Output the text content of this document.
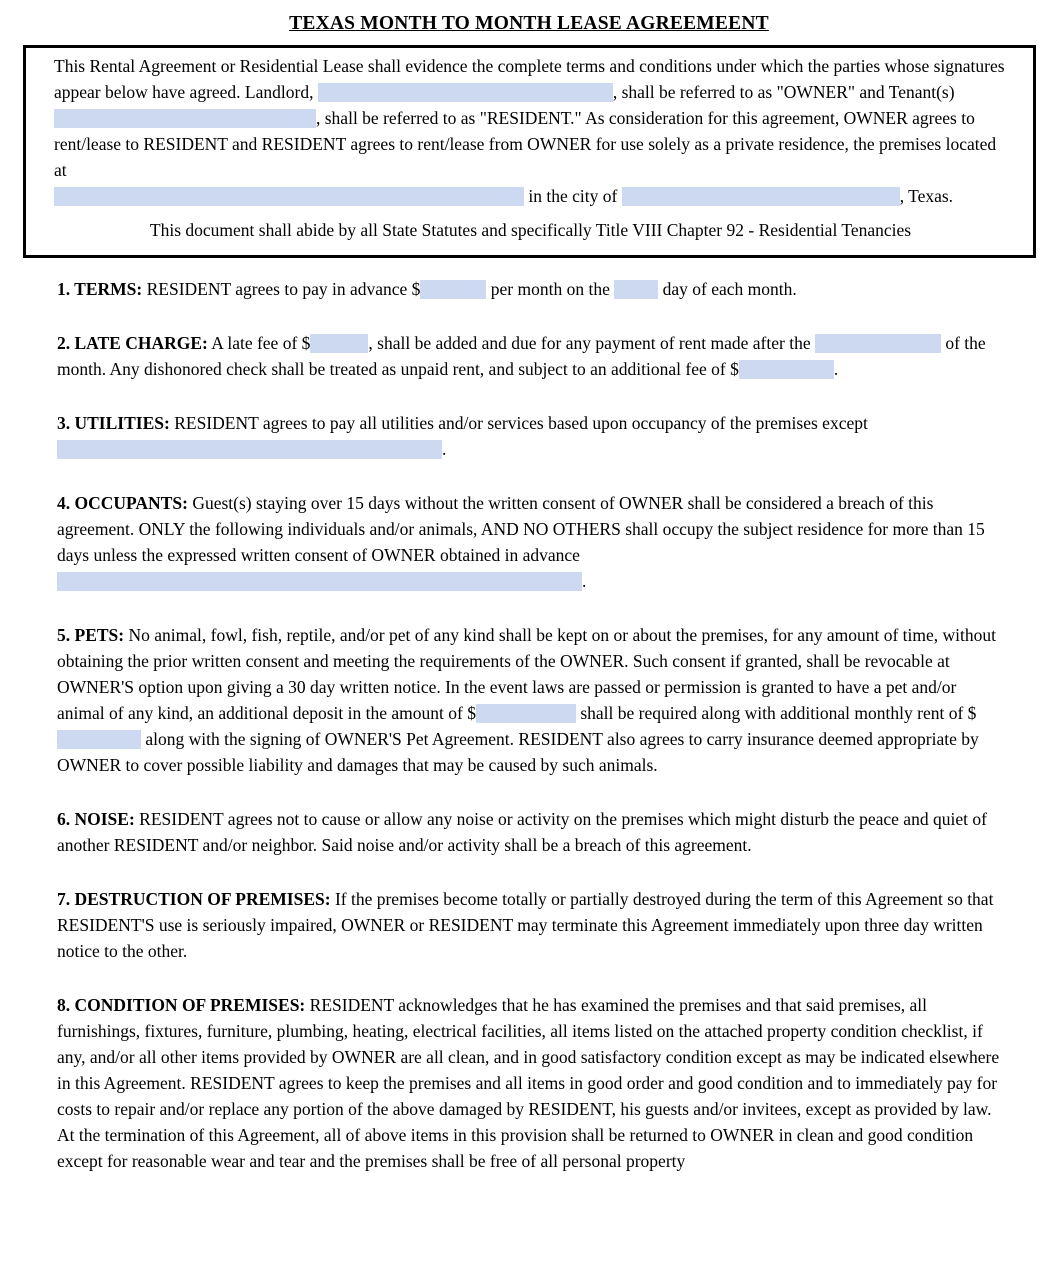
TEXAS MONTH TO MONTH LEASE AGREEMEENT

This Rental Agreement or Residential Lease shall evidence the complete terms and conditions under which the parties whose signatures appear below have agreed. Landlord,	, shall be referred to as "OWNER" and Tenant(s) , shall be referred to as "RESIDENT." As consideration for this agreement, OWNER agrees to rent/lease to RESIDENT and RESIDENT agrees to rent/lease from OWNER for use solely as a private residence, the premises located at
in the city of	, Texas.

This document shall abide by all State Statutes and specifically Title VIII Chapter 92 - Residential Tenancies

1. TERMS: RESIDENT agrees to pay in advance $	per month on the	day of each month.

2. LATE CHARGE: A late fee of $	, shall be added and due for any payment of rent made after the	of the month. Any dishonored check shall be treated as unpaid rent, and subject to an additional fee of $	.

3. UTILITIES: RESIDENT agrees to pay all utilities and/or services based upon occupancy of the premises except .

4. OCCUPANTS: Guest(s) staying over 15 days without the written consent of OWNER shall be considered a breach of this agreement. ONLY the following individuals and/or animals, AND NO OTHERS shall occupy the subject residence for more than 15 days unless the expressed written consent of OWNER obtained in advance
.

5. PETS: No animal, fowl, fish, reptile, and/or pet of any kind shall be kept on or about the premises, for any amount of time, without obtaining the prior written consent and meeting the requirements of the OWNER. Such consent if granted, shall be revocable at OWNER'S option upon giving a 30 day written notice. In the event laws are passed or permission is granted to have a pet and/or animal of any kind, an additional deposit in the amount of $	shall be required along with additional monthly rent of $ along with the signing of OWNER'S Pet Agreement. RESIDENT also agrees to carry insurance deemed appropriate by OWNER to cover possible liability and damages that may be caused by such animals.

6. NOISE: RESIDENT agrees not to cause or allow any noise or activity on the premises which might disturb the peace and quiet of another RESIDENT and/or neighbor. Said noise and/or activity shall be a breach of this agreement.

7. DESTRUCTION OF PREMISES: If the premises become totally or partially destroyed during the term of this Agreement so that RESIDENT'S use is seriously impaired, OWNER or RESIDENT may terminate this Agreement immediately upon three day written notice to the other.

8. CONDITION OF PREMISES: RESIDENT acknowledges that he has examined the premises and that said premises, all furnishings, fixtures, furniture, plumbing, heating, electrical facilities, all items listed on the attached property condition checklist, if any, and/or all other items provided by OWNER are all clean, and in good satisfactory condition except as may be indicated elsewhere in this Agreement. RESIDENT agrees to keep the premises and all items in good order and good condition and to immediately pay for costs to repair and/or replace any portion of the above damaged by RESIDENT, his guests and/or invitees, except as provided by law. At the termination of this Agreement, all of above items in this provision shall be returned to OWNER in clean and good condition except for reasonable wear and tear and the premises shall be free of all personal property
